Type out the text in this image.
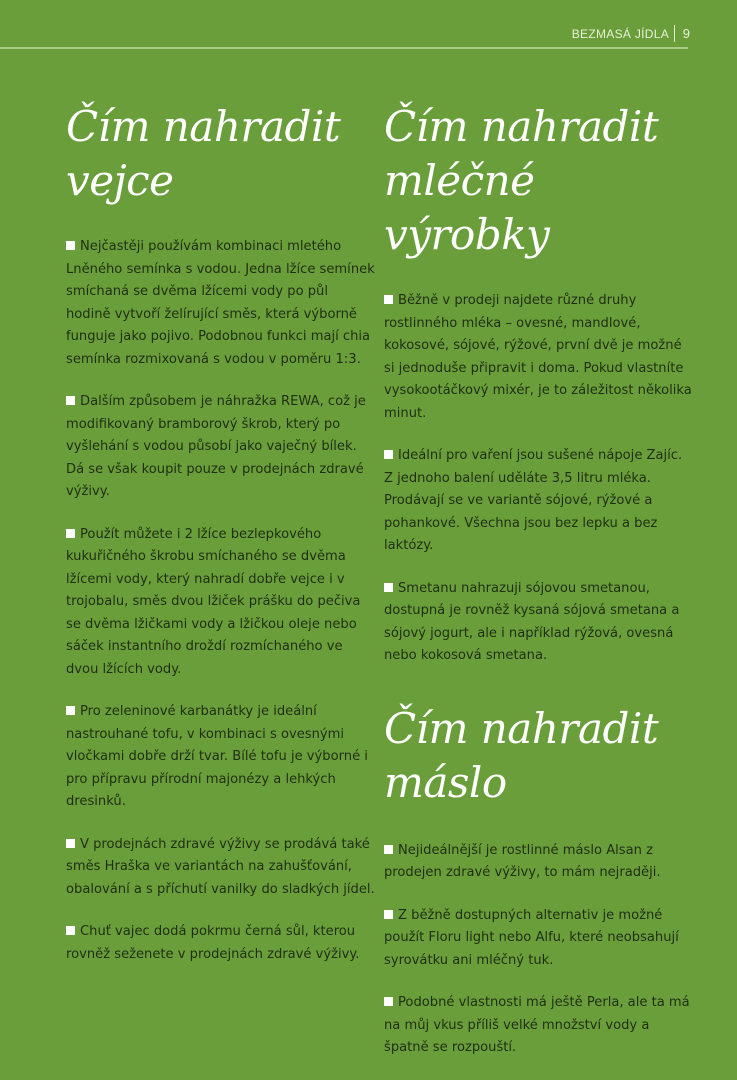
BEZMASÁ JÍDLA 9
Čím nahradit
vejce

Nejčastěji používám kombinaci mletého Lněného semínka s vodou. Jedna lžíce semínek smíchaná se dvěma lžícemi vody po půl hodině vytvoří želírující směs, která výborně funguje jako pojivo. Podobnou funkci mají chia semínka rozmixovaná s vodou v poměru 1:3.

Dalším způsobem je náhražka REWA, což je modifikovaný bramborový škrob, který po vyšlehání s vodou působí jako vaječný bílek. Dá se však koupit pouze v prodejnách zdravé výživy.

Použít můžete i 2 lžíce bezlepkového kukuřičného škrobu smíchaného se dvěma lžícemi vody, který nahradí dobře vejce i v trojobalu, směs dvou lžiček prášku do pečiva se dvěma lžičkami vody a lžičkou oleje nebo sáček instantního droždí rozmíchaného ve dvou lžících vody.

Pro zeleninové karbanátky je ideální nastrouhané tofu, v kombinaci s ovesnými vločkami dobře drží tvar. Bílé tofu je výborné i pro přípravu přírodní majonézy a lehkých dresinků.

V prodejnách zdravé výživy se prodává také směs Hraška ve variantách na zahušťování, obalování a s příchutí vanilky do sladkých jídel.

Chuť vajec dodá pokrmu černá sůl, kterou rovněž seženete v prodejnách zdravé výživy.

Čím nahradit
mléčné výrobky

Běžně v prodeji najdete různé druhy rostlinného mléka – ovesné, mandlové, kokosové, sójové, rýžové, první dvě je možné si jednoduše připravit i doma. Pokud vlastníte vysokootáčkový mixér, je to záležitost několika minut.

Ideální pro vaření jsou sušené nápoje Zajíc. Z jednoho balení uděláte 3,5 litru mléka. Prodávají se ve variantě sójové, rýžové a pohankové. Všechna jsou bez lepku a bez laktózy.

Smetanu nahrazuji sójovou smetanou, dostupná je rovněž kysaná sójová smetana a sójový jogurt, ale i například rýžová, ovesná nebo kokosová smetana.

Čím nahradit
máslo

Nejideálnější je rostlinné máslo Alsan z prodejen zdravé výživy, to mám nejraději.

Z běžně dostupných alternativ je možné použít Floru light nebo Alfu, které neobsahují syrovátku ani mléčný tuk.

Podobné vlastnosti má ještě Perla, ale ta má na můj vkus příliš velké množství vody a špatně se rozpouští.
